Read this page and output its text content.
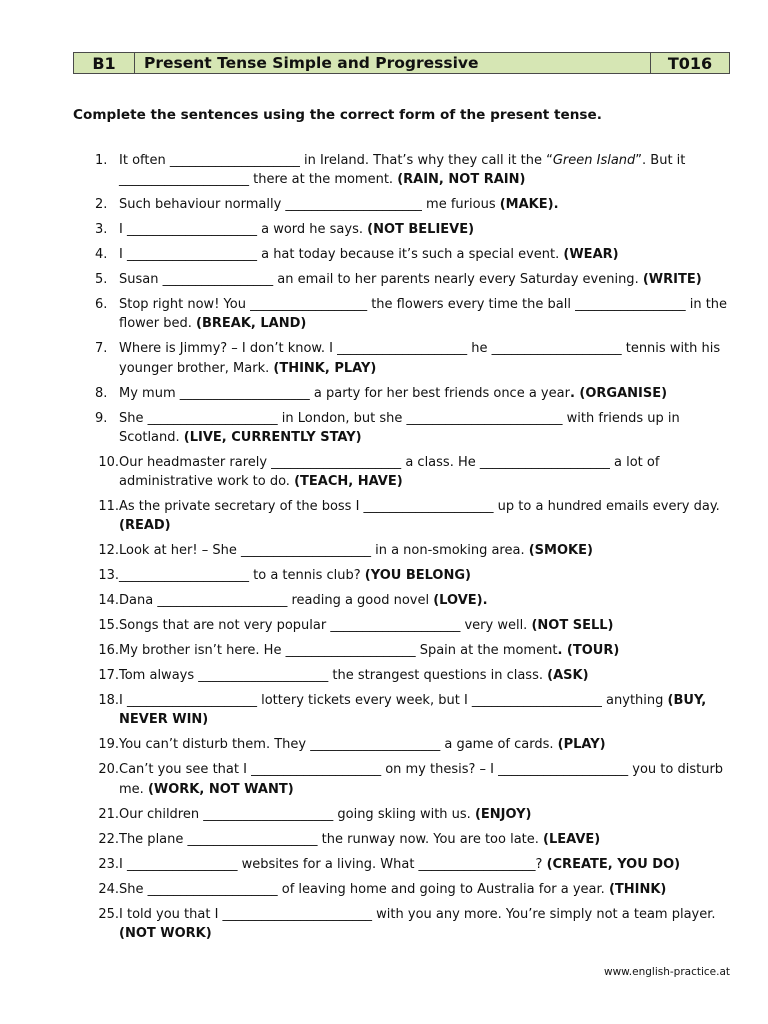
B1	Present Tense Simple and Progressive	T016
Complete the sentences using the correct form of the present tense.
1. It often ____________________ in Ireland. That’s why they call it the “Green Island”. But it ____________________ there at the moment. (RAIN, NOT RAIN)
2. Such behaviour normally _____________________ me furious (MAKE).
3. I ____________________ a word he says. (NOT BELIEVE)
4. I ____________________ a hat today because it’s such a special event. (WEAR)
5. Susan _________________ an email to her parents nearly every Saturday evening. (WRITE)
6. Stop right now! You __________________ the flowers every time the ball _________________ in the flower bed. (BREAK, LAND)
7. Where is Jimmy? – I don’t know. I ____________________ he ____________________ tennis with his younger brother, Mark. (THINK, PLAY)
8. My mum ____________________ a party for her best friends once a year. (ORGANISE)
9. She ____________________ in London, but she ________________________ with friends up in Scotland. (LIVE, CURRENTLY STAY)
10. Our headmaster rarely ____________________ a class. He ____________________ a lot of administrative work to do. (TEACH, HAVE)
11. As the private secretary of the boss I ____________________ up to a hundred emails every day. (READ)
12. Look at her! – She ____________________ in a non-smoking area. (SMOKE)
13. ____________________ to a tennis club? (YOU BELONG)
14. Dana ____________________ reading a good novel (LOVE).
15. Songs that are not very popular ____________________ very well. (NOT SELL)
16. My brother isn’t here. He ____________________ Spain at the moment. (TOUR)
17. Tom always ____________________ the strangest questions in class. (ASK)
18. I ____________________ lottery tickets every week, but I ____________________ anything (BUY, NEVER WIN)
19. You can’t disturb them. They ____________________ a game of cards. (PLAY)
20. Can’t you see that I ____________________ on my thesis? – I ____________________ you to disturb me. (WORK, NOT WANT)
21. Our children ____________________ going skiing with us. (ENJOY)
22. The plane ____________________ the runway now. You are too late. (LEAVE)
23. I _________________ websites for a living. What __________________? (CREATE, YOU DO)
24. She ____________________ of leaving home and going to Australia for a year. (THINK)
25. I told you that I _______________________ with you any more. You’re simply not a team player. (NOT WORK)
www.english-practice.at
